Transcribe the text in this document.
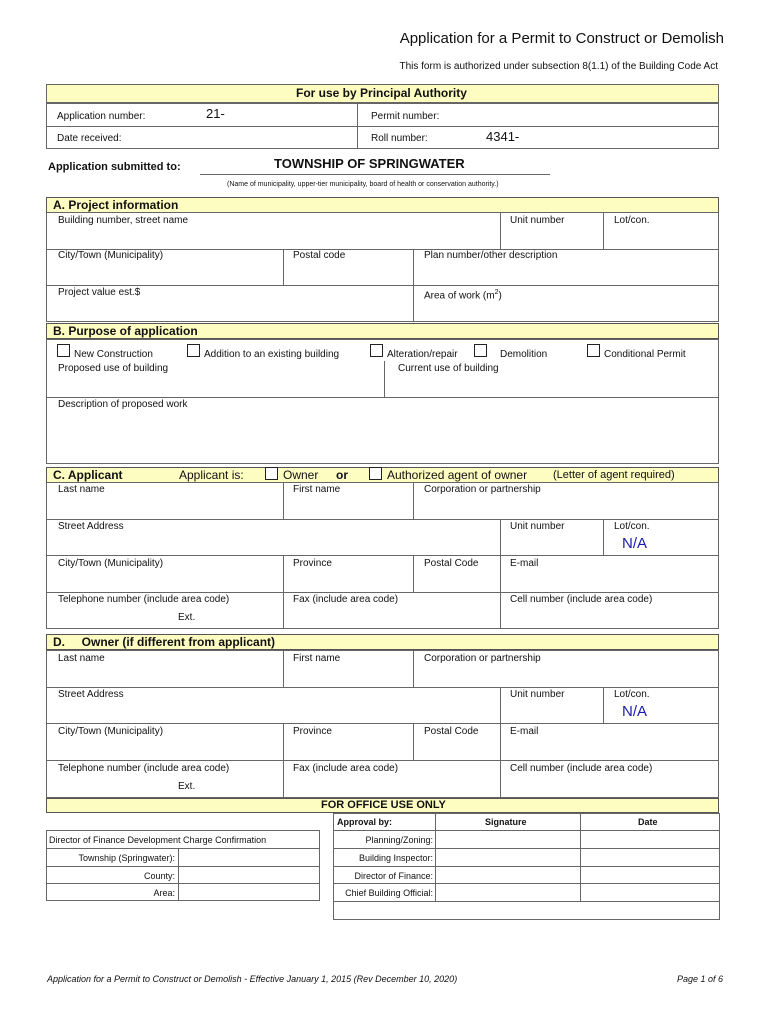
Application for a Permit to Construct or Demolish
This form is authorized under subsection 8(1.1) of the Building Code Act
For use by Principal Authority
Application number:	21-	Permit number:
Date received:	Roll number:	4341-
Application submitted to:	TOWNSHIP OF SPRINGWATER
(Name of municipality, upper-tier municipality, board of health or conservation authority.)
A. Project information
Building number, street name	Unit number	Lot/con.
City/Town (Municipality)	Postal code	Plan number/other description
Project value est.$	Area of work $(m^2)$
B. Purpose of application
New Construction	Addition to an existing building	Alteration/repair	Demolition	Conditional Permit
Proposed use of building	Current use of building
Description of proposed work
C. Applicant	Applicant is:	Owner or	Authorized agent of owner (Letter of agent required)
Last name	First name	Corporation or partnership
Street Address	Unit number	Lot/con.
N/A
City/Town (Municipality)	Province	Postal Code	E-mail
Telephone number (include area code)
Ext.
Fax (include area code)	Cell number (include area code)
D.     Owner (if different from applicant)
Last name	First name	Corporation or partnership
Street Address	Unit number	Lot/con.
N/A
City/Town (Municipality)	Province	Postal Code	E-mail
Telephone number (include area code)
Ext.
Fax (include area code)	Cell number (include area code)
FOR OFFICE USE ONLY
Approval by:	Signature	Date
Planning/Zoning:
Building Inspector:
Director of Finance:
Chief Building Official:
Director of Finance Development Charge Confirmation
Township (Springwater):
County:
Area:
Application for a Permit to Construct or Demolish - Effective January 1, 2015 (Rev December 10, 2020)	Page 1 of 6
